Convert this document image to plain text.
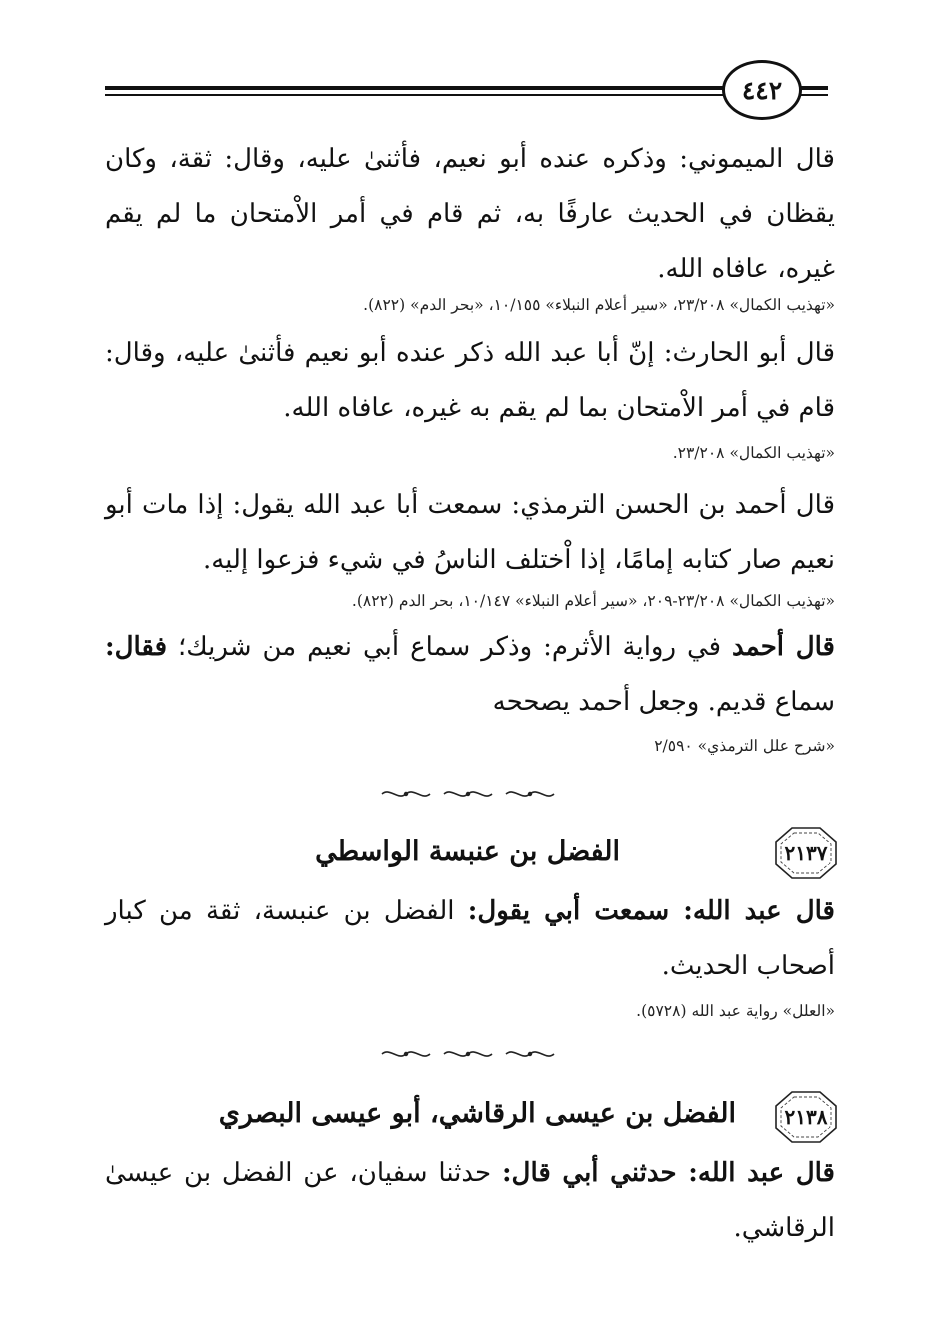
٤٤٢
قال الميموني: وذكره عنده أبو نعيم، فأثنىٰ عليه، وقال: ثقة، وكان يقظان في الحديث عارفًا به، ثم قام في أمر الاْمتحان ما لم يقم غيره، عافاه الله.
«تهذيب الكمال» ٢٣/٢٠٨، «سير أعلام النبلاء» ١٠/١٥٥، «بحر الدم» (٨٢٢).
قال أبو الحارث: إنّ أبا عبد الله ذكر عنده أبو نعيم فأثنىٰ عليه، وقال: قام في أمر الاْمتحان بما لم يقم به غيره، عافاه الله.
«تهذيب الكمال» ٢٣/٢٠٨.
قال أحمد بن الحسن الترمذي: سمعت أبا عبد الله يقول: إذا مات أبو نعيم صار كتابه إمامًا، إذا اْختلف الناسُ في شيء فزعوا إليه.
«تهذيب الكمال» ٢٣/٢٠٨-٢٠٩، «سير أعلام النبلاء» ١٠/١٤٧، بحر الدم (٨٢٢).
قال أحمد في رواية الأثرم: وذكر سماع أبي نعيم من شريك؛ فقال: سماع قديم. وجعل أحمد يصححه
«شرح علل الترمذي» ٢/٥٩٠
٢١٣٧
الفضل بن عنبسة الواسطي
قال عبد الله: سمعت أبي يقول: الفضل بن عنبسة، ثقة من كبار أصحاب الحديث.
«العلل» رواية عبد الله (٥٧٢٨).
٢١٣٨
الفضل بن عيسى الرقاشي، أبو عيسى البصري
قال عبد الله: حدثني أبي قال: حدثنا سفيان، عن الفضل بن عيسىٰ الرقاشي.
